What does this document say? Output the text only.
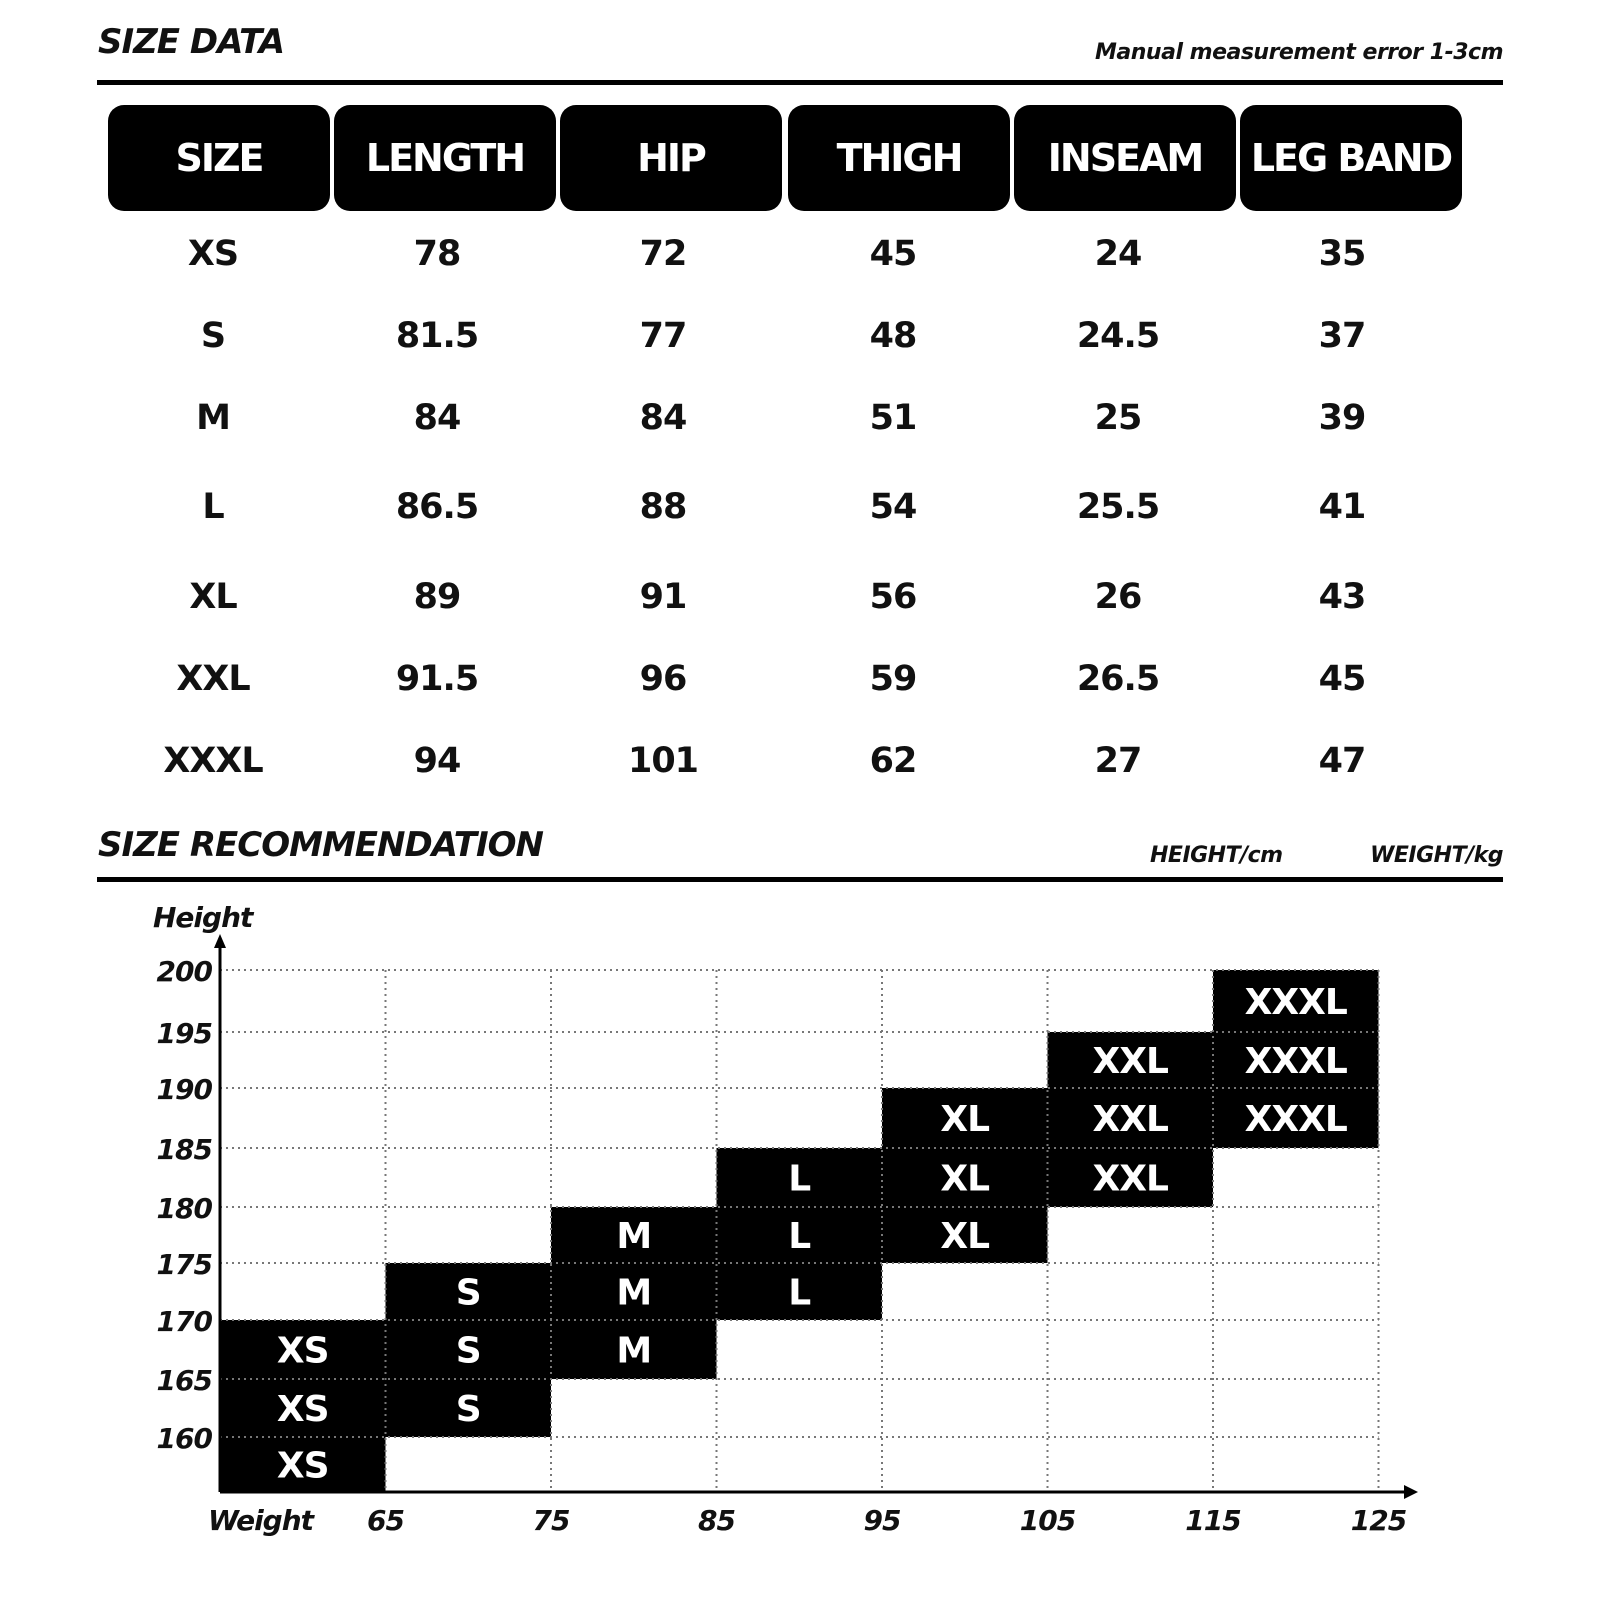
SIZE DATA	Manual measurement error 1-3cm
SIZE	LENGTH	HIP	THIGH	INSEAM	LEG BAND
XS	78	72	45	24	35
S	81.5	77	48	24.5	37
M	84	84	51	25	39
L	86.5	88	54	25.5	41
XL	89	91	56	26	43
XXL	91.5	96	59	26.5	45
XXXL	94	101	62	27	47
SIZE RECOMMENDATION	HEIGHT/cm	WEIGHT/kg
XS
XS
XS
S
S
S
M
M
M
L
L
L
XL
XL
XL
XXL
XXL
XXL
XXXL
XXXL
XXXL
Height
Weight
200
195
190
185
180
175
170
165
160
65	75	85	95	105	115	125
